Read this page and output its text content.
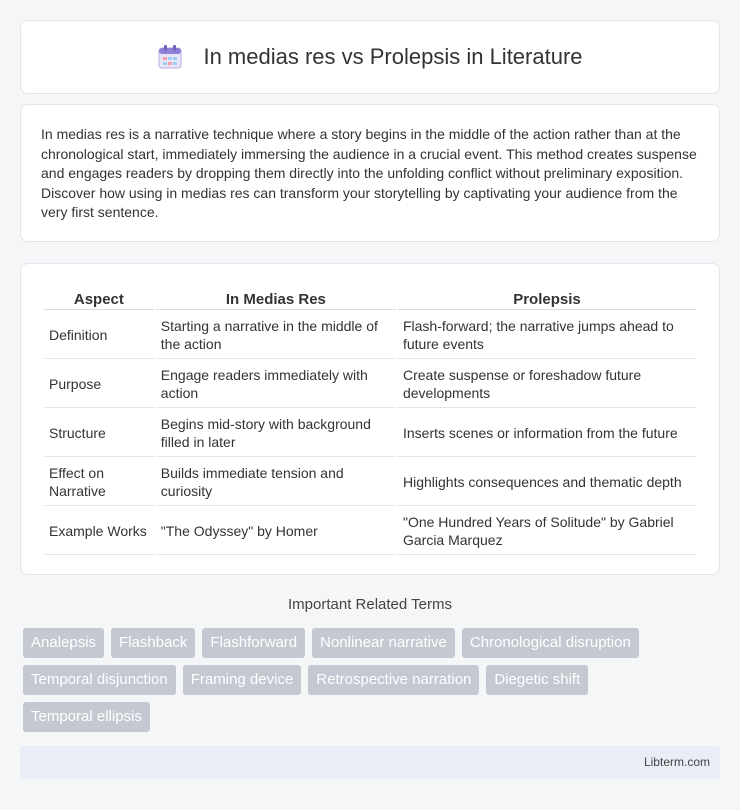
In medias res vs Prolepsis in Literature

In medias res is a narrative technique where a story begins in the middle of the action rather than at the chronological start, immediately immersing the audience in a crucial event. This method creates suspense and engages readers by dropping them directly into the unfolding conflict without preliminary exposition. Discover how using in medias res can transform your storytelling by captivating your audience from the very first sentence.

Aspect	In Medias Res	Prolepsis
Definition	Starting a narrative in the middle of the action	Flash-forward; the narrative jumps ahead to future events
Purpose	Engage readers immediately with action	Create suspense or foreshadow future developments
Structure	Begins mid-story with background filled in later	Inserts scenes or information from the future
Effect on Narrative	Builds immediate tension and curiosity	Highlights consequences and thematic depth
Example Works	"The Odyssey" by Homer	"One Hundred Years of Solitude" by Gabriel Garcia Marquez
Important Related Terms
Analepsis	Flashback	Flashforward	Nonlinear narrative	Chronological disruption
Temporal disjunction	Framing device	Retrospective narration	Diegetic shift
Temporal ellipsis
Libterm.com
